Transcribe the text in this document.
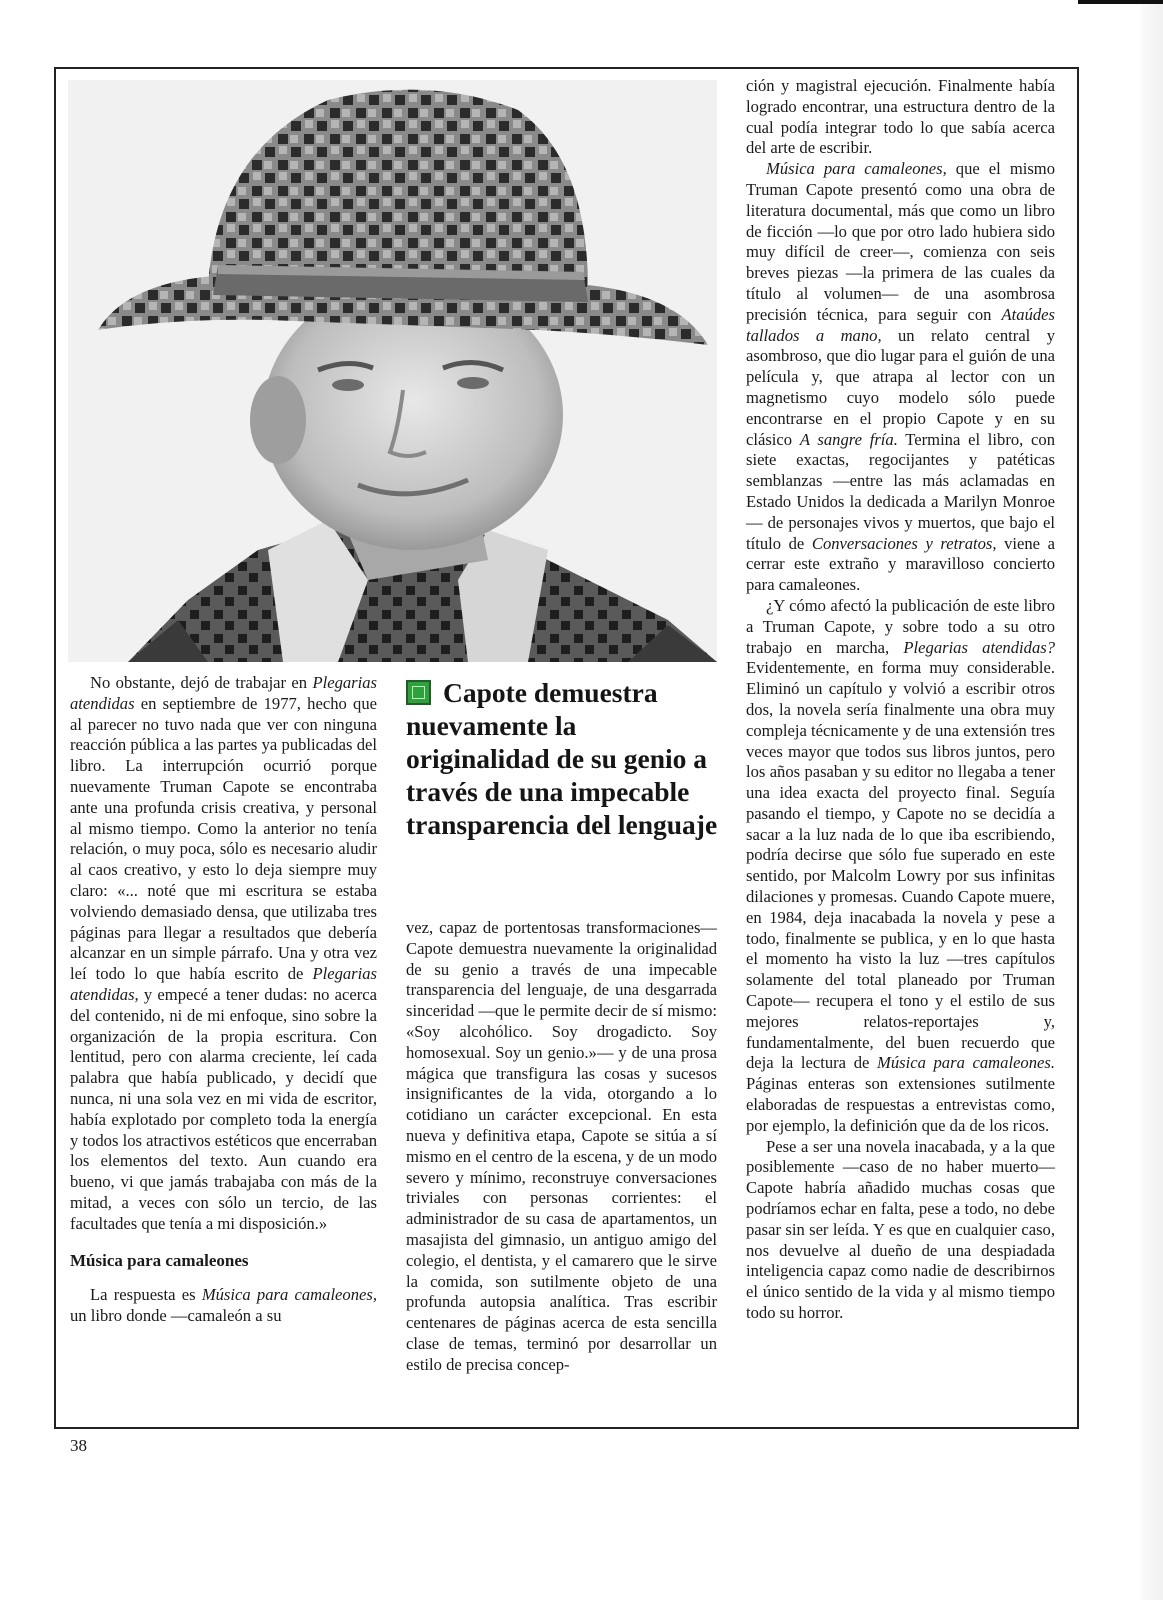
Capote demuestra nuevamente la originalidad de su genio a través de una impecable transparencia del lenguaje

No obstante, dejó de trabajar en Plegarias atendidas en septiembre de 1977, hecho que al parecer no tuvo nada que ver con ninguna reacción pública a las partes ya publicadas del libro. La interrupción ocurrió porque nuevamente Truman Capote se encontraba ante una profunda crisis creativa, y personal al mismo tiempo. Como la anterior no tenía relación, o muy poca, sólo es necesario aludir al caos creativo, y esto lo deja siempre muy claro: «... noté que mi escritura se estaba volviendo demasiado densa, que utilizaba tres páginas para llegar a resultados que debería alcanzar en un simple párrafo. Una y otra vez leí todo lo que había escrito de Plegarias atendidas, y empecé a tener dudas: no acerca del contenido, ni de mi enfoque, sino sobre la organización de la propia escritura. Con lentitud, pero con alarma creciente, leí cada palabra que había publicado, y decidí que nunca, ni una sola vez en mi vida de escritor, había explotado por completo toda la energía y todos los atractivos estéticos que encerraban los elementos del texto. Aun cuando era bueno, vi que jamás trabajaba con más de la mitad, a veces con sólo un tercio, de las facultades que tenía a mi disposición.»

Música para camaleones

La respuesta es Música para camaleones, un libro donde —camaleón a su

vez, capaz de portentosas transformaciones— Capote demuestra nuevamente la originalidad de su genio a través de una impecable transparencia del lenguaje, de una desgarrada sinceridad —que le permite decir de sí mismo: «Soy alcohólico. Soy drogadicto. Soy homosexual. Soy un genio.»— y de una prosa mágica que transfigura las cosas y sucesos insignificantes de la vida, otorgando a lo cotidiano un carácter excepcional. En esta nueva y definitiva etapa, Capote se sitúa a sí mismo en el centro de la escena, y de un modo severo y mínimo, reconstruye conversaciones triviales con personas corrientes: el administrador de su casa de apartamentos, un masajista del gimnasio, un antiguo amigo del colegio, el dentista, y el camarero que le sirve la comida, son sutilmente objeto de una profunda autopsia analítica. Tras escribir centenares de páginas acerca de esta sencilla clase de temas, terminó por desarrollar un estilo de precisa concep-

ción y magistral ejecución. Finalmente había logrado encontrar, una estructura dentro de la cual podía integrar todo lo que sabía acerca del arte de escribir.

Música para camaleones, que el mismo Truman Capote presentó como una obra de literatura documental, más que como un libro de ficción —lo que por otro lado hubiera sido muy difícil de creer—, comienza con seis breves piezas —la primera de las cuales da título al volumen— de una asombrosa precisión técnica, para seguir con Ataúdes tallados a mano, un relato central y asombroso, que dio lugar para el guión de una película y, que atrapa al lector con un magnetismo cuyo modelo sólo puede encontrarse en el propio Capote y en su clásico A sangre fría. Termina el libro, con siete exactas, regocijantes y patéticas semblanzas —entre las más aclamadas en Estado Unidos la dedicada a Marilyn Monroe— de personajes vivos y muertos, que bajo el título de Conversaciones y retratos, viene a cerrar este extraño y maravilloso concierto para camaleones.

¿Y cómo afectó la publicación de este libro a Truman Capote, y sobre todo a su otro trabajo en marcha, Plegarias atendidas? Evidentemente, en forma muy considerable. Eliminó un capítulo y volvió a escribir otros dos, la novela sería finalmente una obra muy compleja técnicamente y de una extensión tres veces mayor que todos sus libros juntos, pero los años pasaban y su editor no llegaba a tener una idea exacta del proyecto final. Seguía pasando el tiempo, y Capote no se decidía a sacar a la luz nada de lo que iba escribiendo, podría decirse que sólo fue superado en este sentido, por Malcolm Lowry por sus infinitas dilaciones y promesas. Cuando Capote muere, en 1984, deja inacabada la novela y pese a todo, finalmente se publica, y en lo que hasta el momento ha visto la luz —tres capítulos solamente del total planeado por Truman Capote— recupera el tono y el estilo de sus mejores relatos-reportajes y, fundamentalmente, del buen recuerdo que deja la lectura de Música para camaleones. Páginas enteras son extensiones sutilmente elaboradas de respuestas a entrevistas como, por ejemplo, la definición que da de los ricos.

Pese a ser una novela inacabada, y a la que posiblemente —caso de no haber muerto— Capote habría añadido muchas cosas que podríamos echar en falta, pese a todo, no debe pasar sin ser leída. Y es que en cualquier caso, nos devuelve al dueño de una despiadada inteligencia capaz como nadie de describirnos el único sentido de la vida y al mismo tiempo todo su horror.

38
